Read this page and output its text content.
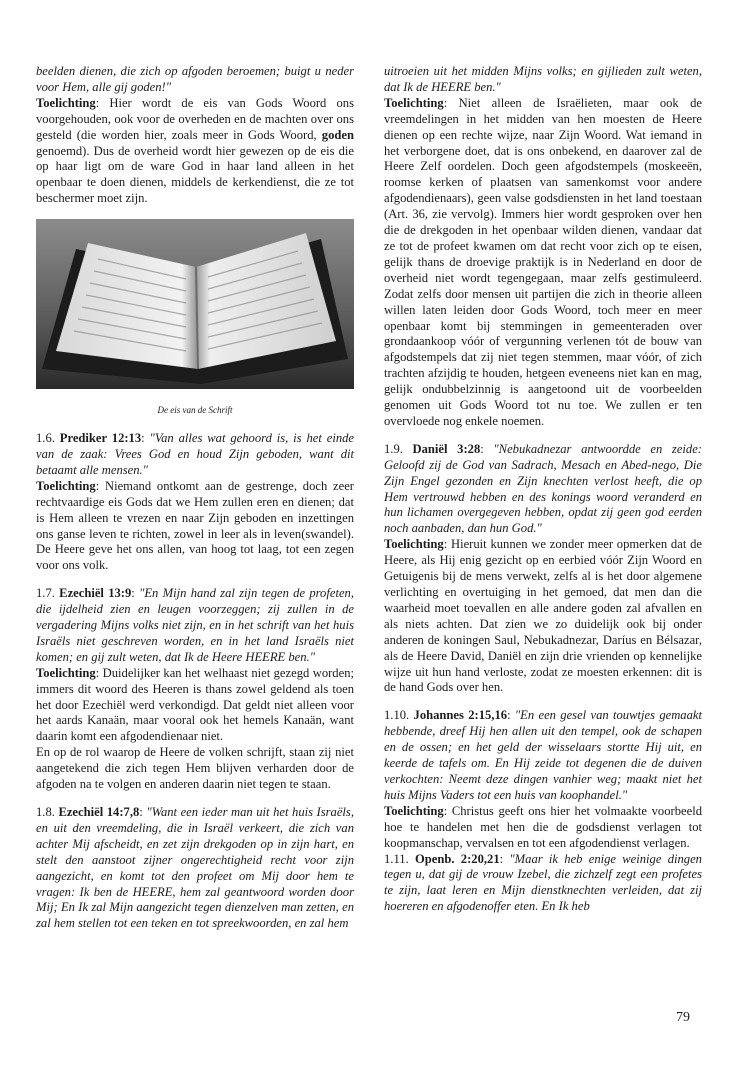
beelden dienen, die zich op afgoden beroemen; buigt u neder voor Hem, alle gij goden!"
Toelichting: Hier wordt de eis van Gods Woord ons voorgehouden, ook voor de overheden en de machten over ons gesteld (die worden hier, zoals meer in Gods Woord, goden genoemd). Dus de overheid wordt hier gewezen op de eis die op haar ligt om de ware God in haar land alleen in het openbaar te doen dienen, middels de kerkendienst, die ze tot beschermer moet zijn.

De eis van de Schrift

1.6. Prediker 12:13: "Van alles wat gehoord is, is het einde van de zaak: Vrees God en houd Zijn geboden, want dit betaamt alle mensen."
Toelichting: Niemand ontkomt aan de gestrenge, doch zeer rechtvaardige eis Gods dat we Hem zullen eren en dienen; dat is Hem alleen te vrezen en naar Zijn geboden en inzettingen ons ganse leven te richten, zowel in leer als in leven(swandel). De Heere geve het ons allen, van hoog tot laag, tot een zegen voor ons volk.

1.7. Ezechiël 13:9: "En Mijn hand zal zijn tegen de profeten, die ijdelheid zien en leugen voorzeggen; zij zullen in de vergadering Mijns volks niet zijn, en in het schrift van het huis Israëls niet geschreven worden, en in het land Israëls niet komen; en gij zult weten, dat Ik de Heere HEERE ben."
Toelichting: Duidelijker kan het welhaast niet gezegd worden; immers dit woord des Heeren is thans zowel geldend als toen het door Ezechiël werd verkondigd. Dat geldt niet alleen voor het aards Kanaän, maar vooral ook het hemels Kanaän, want daarin komt een afgodendienaar niet.

En op de rol waarop de Heere de volken schrijft, staan zij niet aangetekend die zich tegen Hem blijven verharden door de afgoden na te volgen en anderen daarin niet tegen te staan.

1.8. Ezechiël 14:7,8: "Want een ieder man uit het huis Israëls, en uit den vreemdeling, die in Israël verkeert, die zich van achter Mij afscheidt, en zet zijn drekgoden op in zijn hart, en stelt den aanstoot zijner ongerechtigheid recht voor zijn aangezicht, en komt tot den profeet om Mij door hem te vragen: Ik ben de HEERE, hem zal geantwoord worden door Mij; En Ik zal Mijn aangezicht tegen dienzelven man zetten, en zal hem stellen tot een teken en tot spreekwoorden, en zal hem

uitroeien uit het midden Mijns volks; en gijlieden zult weten, dat Ik de HEERE ben."
Toelichting: Niet alleen de Israëlieten, maar ook de vreemdelingen in het midden van hen moesten de Heere dienen op een rechte wijze, naar Zijn Woord. Wat iemand in het verborgene doet, dat is ons onbekend, en daarover zal de Heere Zelf oordelen. Doch geen afgodstempels (moskeeën, roomse kerken of plaatsen van samenkomst voor andere afgodendienaars), geen valse godsdiensten in het land toestaan (Art. 36, zie vervolg). Immers hier wordt gesproken over hen die de drekgoden in het openbaar wilden dienen, vandaar dat ze tot de profeet kwamen om dat recht voor zich op te eisen, gelijk thans de droevige praktijk is in Nederland en door de overheid niet wordt tegengegaan, maar zelfs gestimuleerd. Zodat zelfs door mensen uit partijen die zich in theorie alleen willen laten leiden door Gods Woord, toch meer en meer openbaar komt bij stemmingen in gemeenteraden over grondaankoop vóór of vergunning verlenen tót de bouw van afgodstempels dat zij niet tegen stemmen, maar vóór, of zich trachten afzijdig te houden, hetgeen eveneens niet kan en mag, gelijk ondubbelzinnig is aangetoond uit de voorbeelden genomen uit Gods Woord tot nu toe. We zullen er ten overvloede nog enkele noemen.

1.9. Daniël 3:28: "Nebukadnezar antwoordde en zeide: Geloofd zij de God van Sadrach, Mesach en Abed-nego, Die Zijn Engel gezonden en Zijn knechten verlost heeft, die op Hem vertrouwd hebben en des konings woord veranderd en hun lichamen overgegeven hebben, opdat zij geen god eerden noch aanbaden, dan hun God."
Toelichting: Hieruit kunnen we zonder meer opmerken dat de Heere, als Hij enig gezicht op en eerbied vóór Zijn Woord en Getuigenis bij de mens verwekt, zelfs al is het door algemene verlichting en overtuiging in het gemoed, dat men dan die waarheid moet toevallen en alle andere goden zal afvallen en als niets achten. Dat zien we zo duidelijk ook bij onder anderen de koningen Saul, Nebukadnezar, Daríus en Bélsazar, als de Heere David, Daniël en zijn drie vrienden op kennelijke wijze uit hun hand verloste, zodat ze moesten erkennen: dit is de hand Gods over hen.

1.10. Johannes 2:15,16: "En een gesel van touwtjes gemaakt hebbende, dreef Hij hen allen uit den tempel, ook de schapen en de ossen; en het geld der wisselaars stortte Hij uit, en keerde de tafels om. En Hij zeide tot degenen die de duiven verkochten: Neemt deze dingen vanhier weg; maakt niet het huis Mijns Vaders tot een huis van koophandel."
Toelichting: Christus geeft ons hier het volmaakte voorbeeld hoe te handelen met hen die de godsdienst verlagen tot koopmanschap, vervalsen en tot een afgodendienst verlagen.

1.11. Openb. 2:20,21: "Maar ik heb enige weinige dingen tegen u, dat gij de vrouw Izebel, die zichzelf zegt een profetes te zijn, laat leren en Mijn dienstknechten verleiden, dat zij hoereren en afgodenoffer eten. En Ik heb

79
